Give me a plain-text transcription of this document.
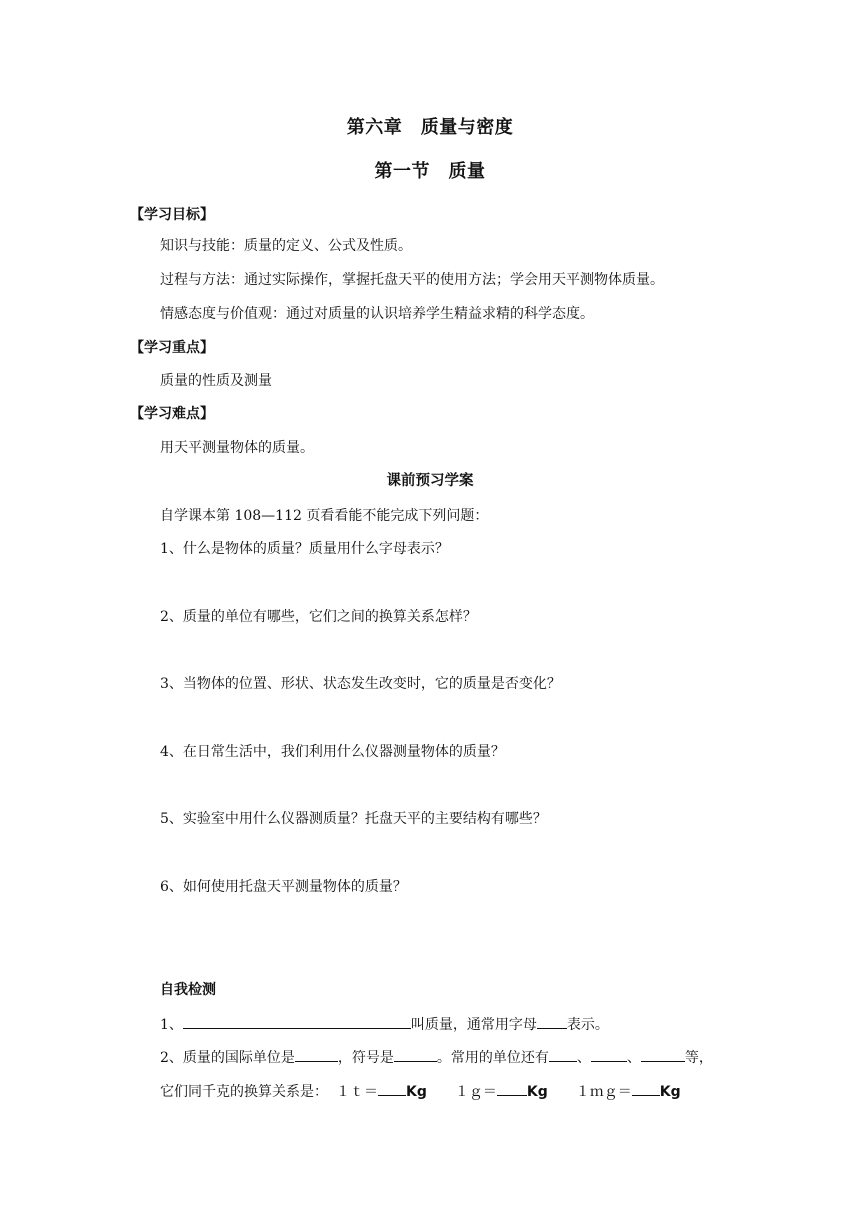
第六章　质量与密度
第一节　质量
【学习目标】

知识与技能：质量的定义、公式及性质。

过程与方法：通过实际操作，掌握托盘天平的使用方法；学会用天平测物体质量。

情感态度与价值观：通过对质量的认识培养学生精益求精的科学态度。

【学习重点】

质量的性质及测量

【学习难点】

用天平测量物体的质量。

课前预习学案

自学课本第 108—112 页看看能不能完成下列问题：

1、什么是物体的质量？质量用什么字母表示？

2、质量的单位有哪些，它们之间的换算关系怎样？

3、当物体的位置、形状、状态发生改变时，它的质量是否变化？

4、在日常生活中，我们利用什么仪器测量物体的质量？

5、实验室中用什么仪器测质量？托盘天平的主要结构有哪些？

6、如何使用托盘天平测量物体的质量？

自我检测

1、	叫质量，通常用字母 表示。

2、质量的国际单位是	，符号是	。常用的单位还有 、	、	等，

它们同千克的换算关系是： １ｔ＝ Kg １ｇ＝ Kg １ｍｇ＝ Kg
